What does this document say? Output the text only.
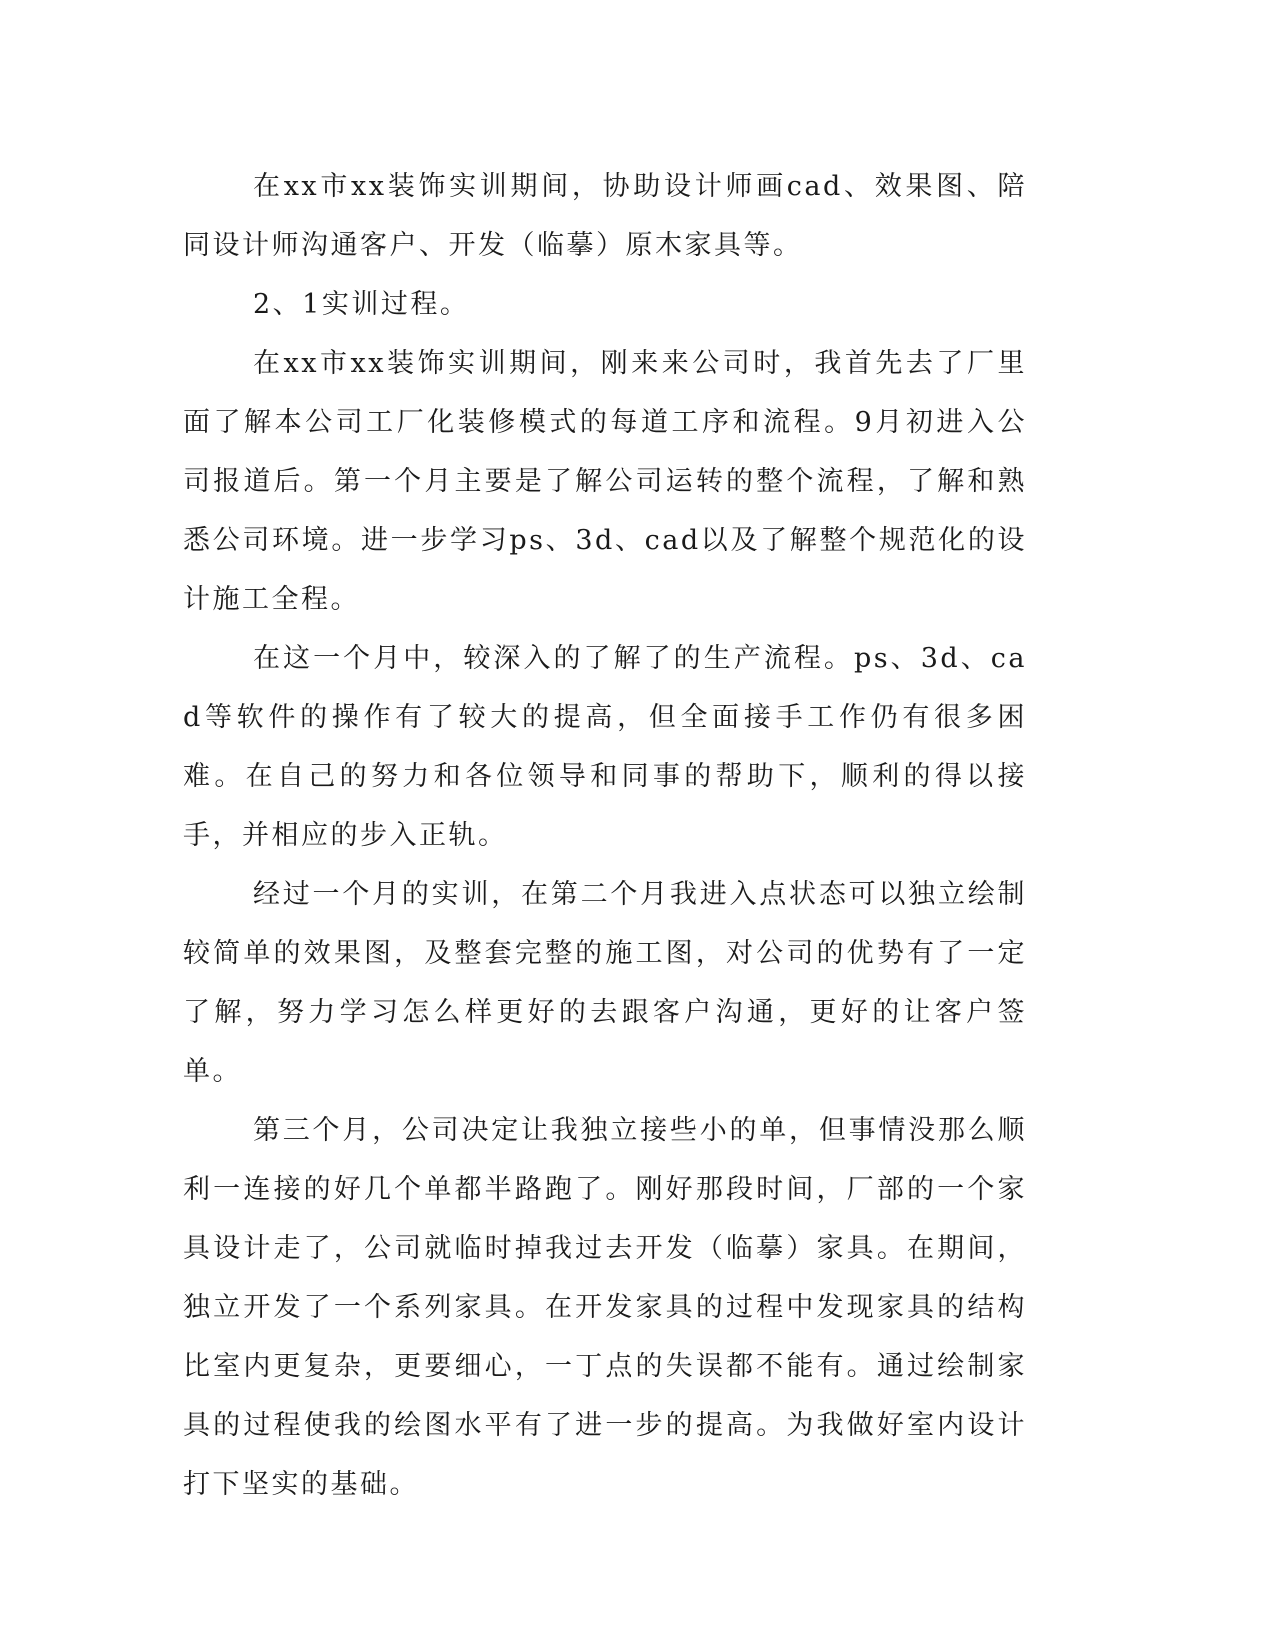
在xx市xx装饰实训期间，协助设计师画cad、效果图、陪同设计师沟通客户、开发（临摹）原木家具等。

2、1实训过程。

在xx市xx装饰实训期间，刚来来公司时，我首先去了厂里面了解本公司工厂化装修模式的每道工序和流程。9月初进入公司报道后。第一个月主要是了解公司运转的整个流程，了解和熟悉公司环境。进一步学习ps、3d、cad以及了解整个规范化的设计施工全程。

在这一个月中，较深入的了解了的生产流程。ps、3d、cad等软件的操作有了较大的提高，但全面接手工作仍有很多困难。在自己的努力和各位领导和同事的帮助下，顺利的得以接手，并相应的步入正轨。

经过一个月的实训，在第二个月我进入点状态可以独立绘制较简单的效果图，及整套完整的施工图，对公司的优势有了一定了解，努力学习怎么样更好的去跟客户沟通，更好的让客户签单。

第三个月，公司决定让我独立接些小的单，但事情没那么顺利一连接的好几个单都半路跑了。刚好那段时间，厂部的一个家具设计走了，公司就临时掉我过去开发（临摹）家具。在期间，独立开发了一个系列家具。在开发家具的过程中发现家具的结构比室内更复杂，更要细心，一丁点的失误都不能有。通过绘制家具的过程使我的绘图水平有了进一步的提高。为我做好室内设计打下坚实的基础。
